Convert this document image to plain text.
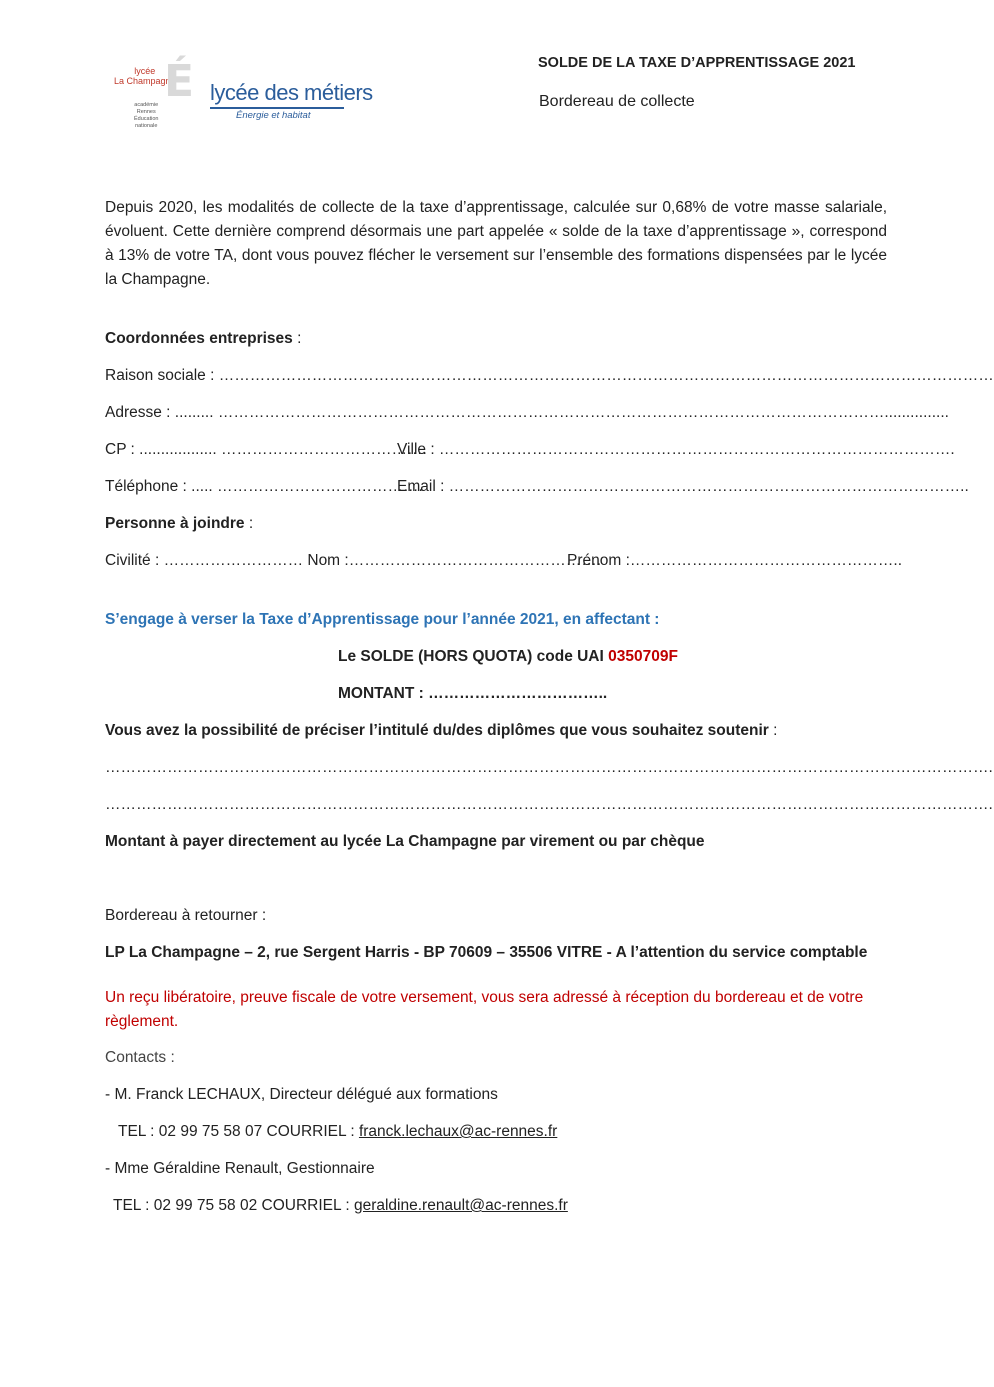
lycée
La Champagne
É
académie
Rennes
Éducation
nationale
lycée des métiers
Énergie et habitat
SOLDE DE LA TAXE D’APPRENTISSAGE 2021
Bordereau de collecte
Depuis 2020, les modalités de collecte de la taxe d’apprentissage, calculée sur 0,68% de votre masse salariale, évoluent. Cette dernière comprend désormais une part appelée « solde de la taxe d’apprentissage », correspond à 13% de votre TA, dont vous pouvez flécher le versement sur l’ensemble des formations dispensées par le lycée la Champagne.
Coordonnées entreprises :
Raison sociale : ……………………………………………………………………………………………………………………………………
Adresse : ......... …………………………………………………………………………………………………………………...............
CP : .................. ………………………………….
Ville : ……………………………………………………………………………………….
Téléphone : ..... ………………………………….
Email : ………………………………………………………………………………………..
Personne à joindre :
Civilité : ……………………… Nom :………………………………………….
Prénom :……………………………………………..
S’engage à verser la Taxe d’Apprentissage pour l’année 2021, en affectant :
Le SOLDE (HORS QUOTA) code UAI 0350709F
MONTANT : ……………………………..
Vous avez la possibilité de préciser l’intitulé du/des diplômes que vous souhaitez soutenir :
……………………………………………………………………………………………………………………………………………………….
……………………………………………………………………………………………………………………………………………………….
Montant à payer directement au lycée La Champagne par virement ou par chèque
Bordereau à retourner :
LP La Champagne – 2, rue Sergent Harris - BP 70609 – 35506 VITRE - A l’attention du service comptable
Un reçu libératoire, preuve fiscale de votre versement, vous sera adressé à réception du bordereau et de votre règlement.
Contacts :
- M. Franck LECHAUX, Directeur délégué aux formations
TEL : 02 99 75 58 07 COURRIEL : franck.lechaux@ac-rennes.fr
- Mme Géraldine Renault, Gestionnaire
TEL : 02 99 75 58 02 COURRIEL : geraldine.renault@ac-rennes.fr
